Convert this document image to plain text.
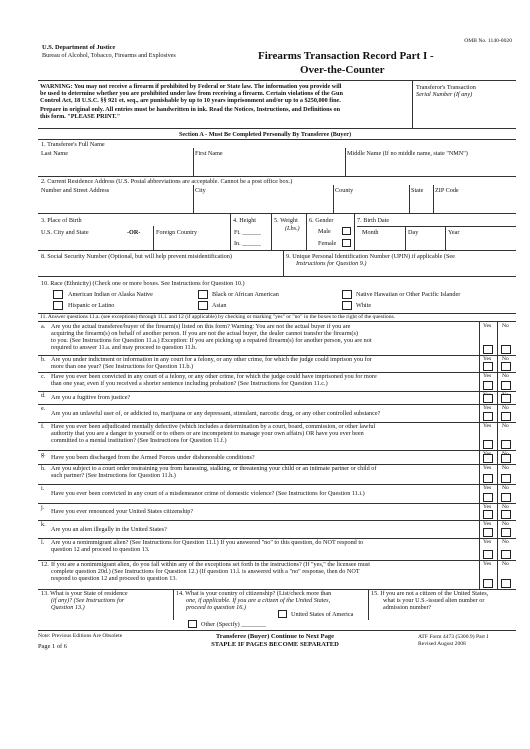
OMB No. 1140-0020
U.S. Department of Justice
Bureau of Alcohol, Tobacco, Firearms and Explosives	Firearms Transaction Record Part I -
Over-the-Counter
WARNING: You may not receive a firearm if prohibited by Federal or State law. The information you provide will
be used to determine whether you are prohibited under law from receiving a firearm. Certain violations of the Gun
Control Act, 18 U.S.C. §§ 921 et. seq., are punishable by up to 10 years imprisonment and/or up to a $250,000 fine.
Prepare in original only. All entries must be handwritten in ink. Read the Notices, Instructions, and Definitions on
this form. "PLEASE PRINT."
Transferor's Transaction
Serial Number (If any)
Section A - Must Be Completed Personally By Transferee (Buyer)
1. Transferee's Full Name
Last Name	First Name	Middle Name (If no middle name, state "NMN")
2. Current Residence Address (U.S. Postal abbreviations are acceptable. Cannot be a post office box.)
Number and Street Address	City	County	State ZIP Code
3. Place of Birth
U.S. City and State	-OR-	Foreign Country
4. Height
Ft. ______
In. ______
5. Weight
(Lbs.)
6. Gender
Male
Female
7. Birth Date
Month	Day	Year
8. Social Security Number (Optional, but will help prevent misidentification)	9. Unique Personal Identification Number (UPIN) if applicable (See
Instructions for Question 9.)
10. Race (Ethnicity) (Check one or more boxes. See Instructions for Question 10.)
American Indian or Alaska Native	Black or African American	Native Hawaiian or Other Pacific Islander
Hispanic or Latino	Asian	White
11. Answer questions 11.a. (see exceptions) through 11.l. and 12 (if applicable) by checking or marking "yes" or "no" in the boxes to the right of the questions.
a. Are you the actual transferee/buyer of the firearm(s) listed on this form? Warning: You are not the actual buyer if you are
acquiring the firearm(s) on behalf of another person. If you are not the actual buyer, the dealer cannot transfer the firearm(s)
to you. (See Instructions for Question 11.a.) Exception: If you are picking up a repaired firearm(s) for another person, you are not
required to answer 11.a. and may proceed to question 11.b.
Yes No
b. Are you under indictment or information in any court for a felony, or any other crime, for which the judge could imprison you for
more than one year? (See Instructions for Question 11.b.)
Yes No
c. Have you ever been convicted in any court of a felony, or any other crime, for which the judge could have imprisoned you for more
than one year, even if you received a shorter sentence including probation? (See Instructions for Question 11.c.)
Yes No
d. Are you a fugitive from justice?
e.
Are you an unlawful user of, or addicted to, marijuana or any depressant, stimulant, narcotic drug, or any other controlled substance?
Yes No
f. Have you ever been adjudicated mentally defective (which includes a determination by a court, board, commission, or other lawful
authority that you are a danger to yourself or to others or are incompetent to manage your own affairs) OR have you ever been
committed to a mental institution? (See Instructions for Question 11.f.)
Yes No
g. Have you been discharged from the Armed Forces under dishonorable conditions?
h. Are you subject to a court order restraining you from harassing, stalking, or threatening your child or an intimate partner or child of
such partner? (See Instructions for Question 11.h.)
Yes No
i.
Have you ever been convicted in any court of a misdemeanor crime of domestic violence? (See Instructions for Question 11.i.)
Yes No
j.
Have you ever renounced your United States citizenship?
Yes No
k.
Are you an alien illegally in the United States?
Yes No
l. Are you a nonimmigrant alien? (See Instructions for Question 11.l.) If you answered "no" to this question, do NOT respond to
question 12 and proceed to question 13.
Yes No
12. If you are a nonimmigrant alien, do you fall within any of the exceptions set forth in the instructions? (If "yes," the licensee must
complete question 20d.) (See Instructions for Question 12.) (If question 11.l. is answered with a "no" response, then do NOT
respond to question 12 and proceed to question 13.
Yes No
13. What is your State of residence
(if any)? (See Instructions for
Question 13.)
14. What is your country of citizenship? (List/check more than
one, if applicable. If you are a citizen of the United States,
proceed to question 16.)
United States of America
Other (Specify) ________
15. If you are not a citizen of the United States,
what is your U.S.-issued alien number or
admission number?
Note: Previous Editions Are Obsolete
Page 1 of 6
Transferee (Buyer) Continue to Next Page
STAPLE IF PAGES BECOME SEPARATED
ATF Form 4473 (5300.9) Part I
Revised August 2008
